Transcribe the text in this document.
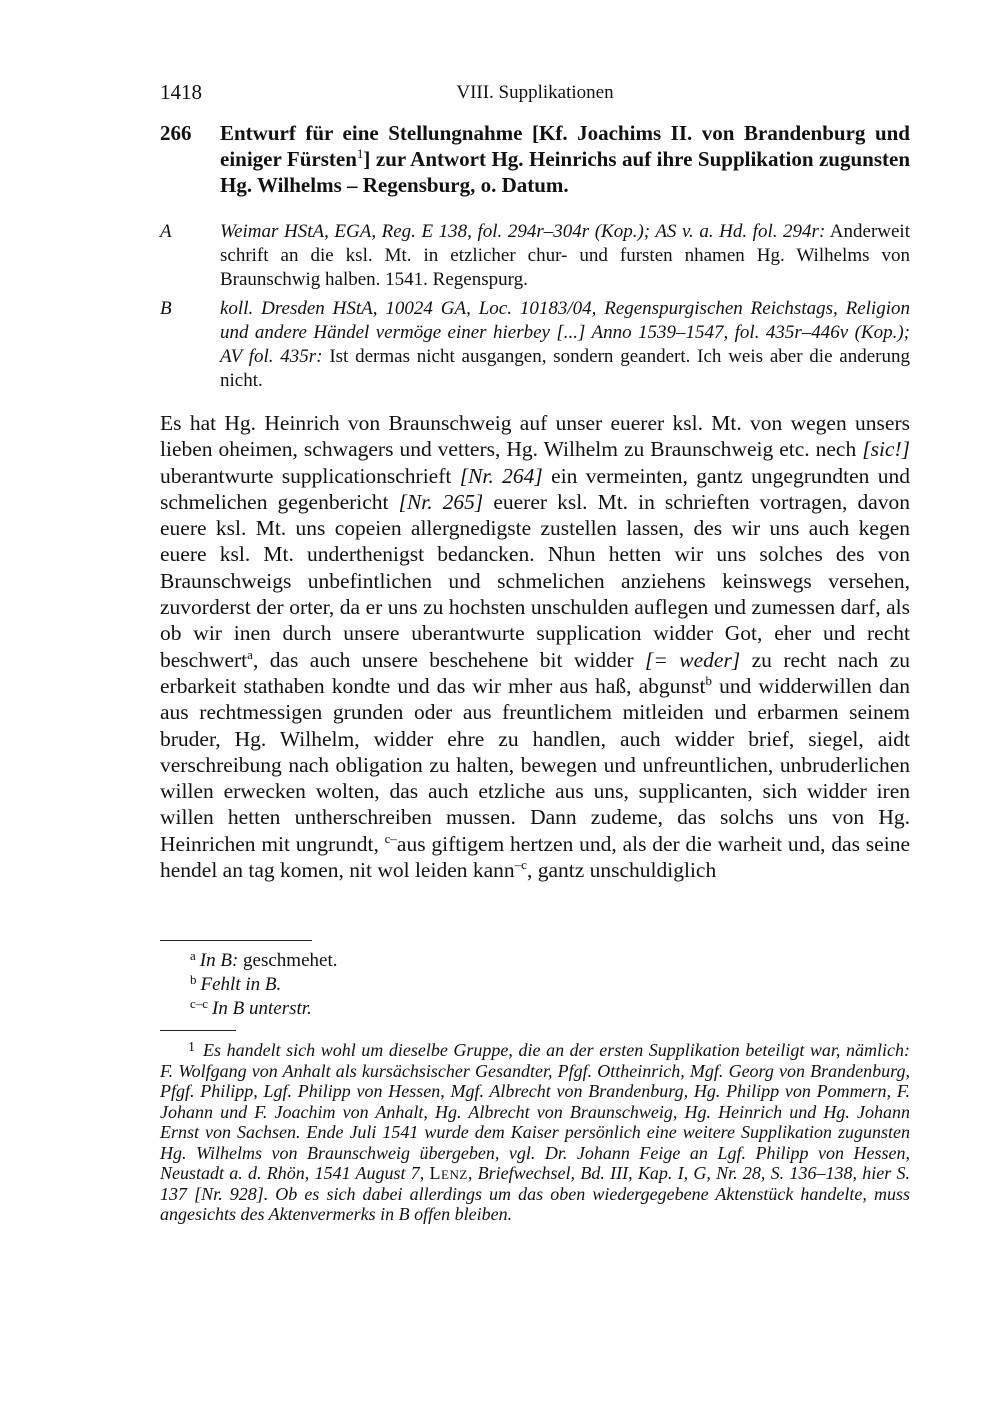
1418	VIII. Supplikationen
266 Entwurf für eine Stellungnahme [Kf. Joachims II. von Brandenburg und einiger Fürsten$^1$] zur Antwort Hg. Heinrichs auf ihre Supplikation zugunsten Hg. Wilhelms – Regensburg, o. Datum.
A	Weimar HStA, EGA, Reg. E 138, fol. 294r–304r (Kop.); AS v. a. Hd. fol. 294r: Anderweit schrift an die ksl. Mt. in etzlicher chur- und fursten nhamen Hg. Wilhelms von Braunschwig halben. 1541. Regenspurg.
B	koll. Dresden HStA, 10024 GA, Loc. 10183/04, Regenspurgischen Reichstags, Religion und andere Händel vermöge einer hierbey [...] Anno 1539–1547, fol. 435r–446v (Kop.); AV fol. 435r: Ist dermas nicht ausgangen, sondern geandert. Ich weis aber die anderung nicht.
Es hat Hg. Heinrich von Braunschweig auf unser euerer ksl. Mt. von wegen unsers lieben oheimen, schwagers und vetters, Hg. Wilhelm zu Braunschweig etc. nech [sic!] uberantwurte supplicationschrieft [Nr. 264] ein vermeinten, gantz ungegrundten und schmelichen gegenbericht [Nr. 265] euerer ksl. Mt. in schrieften vortragen, davon euere ksl. Mt. uns copeien allergnedigste zustellen lassen, des wir uns auch kegen euere ksl. Mt. underthenigst bedancken. Nhun hetten wir uns solches des von Braunschweigs unbefintlichen und schmelichen anziehens keinswegs versehen, zuvorderst der orter, da er uns zu hochsten unschulden auflegen und zumessen darf, als ob wir inen durch unsere uberantwurte supplication widder Got, eher und recht beschwert$^a$, das auch unsere beschehene bit widder [= weder] zu recht nach zu erbarkeit stathaben kondte und das wir mher aus haß, abgunst$^b$ und widderwillen dan aus rechtmessigen grunden oder aus freuntlichem mitleiden und erbarmen seinem bruder, Hg. Wilhelm, widder ehre zu handlen, auch widder brief, siegel, aidt verschreibung nach obligation zu halten, bewegen und unfreuntlichen, unbruderlichen willen erwecken wolten, das auch etzliche aus uns, supplicanten, sich widder iren willen hetten untherschreiben mussen. Dann zudeme, das solchs uns von Hg. Heinrichen mit ungrundt, $^{c-}$aus giftigem hertzen und, als der die warheit und, das seine hendel an tag komen, nit wol leiden kann$^{-c}$, gantz unschuldiglich
$^a$ In B: geschmehet.
$^b$ Fehlt in B.
$^{c-c}$ In B unterstr.
$^1$ Es handelt sich wohl um dieselbe Gruppe, die an der ersten Supplikation beteiligt war, nämlich: F. Wolfgang von Anhalt als kursächsischer Gesandter, Pfgf. Ottheinrich, Mgf. Georg von Brandenburg, Pfgf. Philipp, Lgf. Philipp von Hessen, Mgf. Albrecht von Brandenburg, Hg. Philipp von Pommern, F. Johann und F. Joachim von Anhalt, Hg. Albrecht von Braunschweig, Hg. Heinrich und Hg. Johann Ernst von Sachsen. Ende Juli 1541 wurde dem Kaiser persönlich eine weitere Supplikation zugunsten Hg. Wilhelms von Braunschweig übergeben, vgl. Dr. Johann Feige an Lgf. Philipp von Hessen, Neustadt a. d. Rhön, 1541 August 7, Lenz, Briefwechsel, Bd. III, Kap. I, G, Nr. 28, S. 136–138, hier S. 137 [Nr. 928]. Ob es sich dabei allerdings um das oben wiedergegebene Aktenstück handelte, muss angesichts des Aktenvermerks in B offen bleiben.
